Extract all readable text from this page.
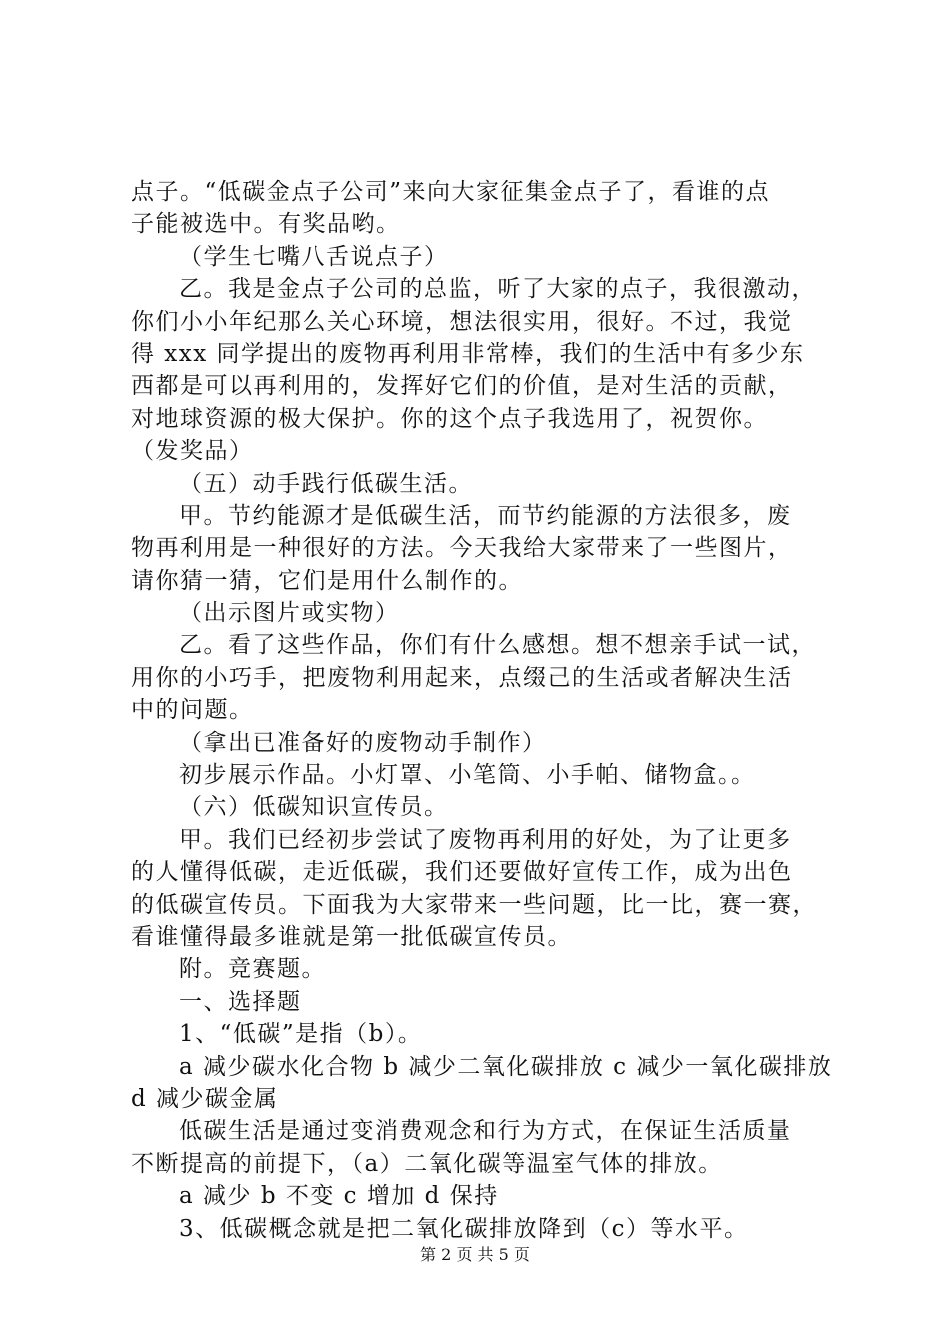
点子。“低碳金点子公司”来向大家征集金点子了，看谁的点
子能被选中。有奖品哟。
（学生七嘴八舌说点子）
乙。我是金点子公司的总监，听了大家的点子，我很激动，
你们小小年纪那么关心环境，想法很实用，很好。不过，我觉
得 xxx 同学提出的废物再利用非常棒，我们的生活中有多少东
西都是可以再利用的，发挥好它们的价值，是对生活的贡献，
对地球资源的极大保护。你的这个点子我选用了，祝贺你。
（发奖品）
（五）动手践行低碳生活。
甲。节约能源才是低碳生活，而节约能源的方法很多，废
物再利用是一种很好的方法。今天我给大家带来了一些图片，
请你猜一猜，它们是用什么制作的。
（出示图片或实物）
乙。看了这些作品，你们有什么感想。想不想亲手试一试，
用你的小巧手，把废物利用起来，点缀己的生活或者解决生活
中的问题。
（拿出已准备好的废物动手制作）
初步展示作品。小灯罩、小笔筒、小手帕、储物盒。。
（六）低碳知识宣传员。
甲。我们已经初步尝试了废物再利用的好处，为了让更多
的人懂得低碳，走近低碳，我们还要做好宣传工作，成为出色
的低碳宣传员。下面我为大家带来一些问题，比一比，赛一赛，
看谁懂得最多谁就是第一批低碳宣传员。
附。竞赛题。
一、选择题
1、“低碳”是指（b）。
a 减少碳水化合物 b 减少二氧化碳排放 c 减少一氧化碳排放
d 减少碳金属
低碳生活是通过变消费观念和行为方式，在保证生活质量
不断提高的前提下，（a）二氧化碳等温室气体的排放。
a 减少 b 不变 c 增加 d 保持
3、低碳概念就是把二氧化碳排放降到（c）等水平。
第 2 页 共 5 页
